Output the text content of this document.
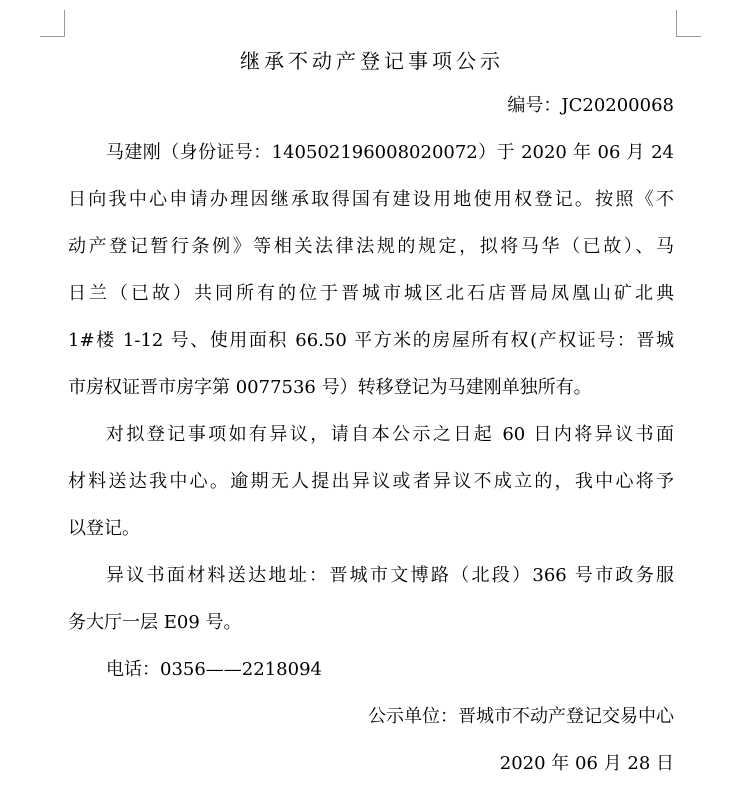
继承不动产登记事项公示
编号：JC20200068
马建刚（身份证号：140502196008020072）于 2020 年 06 月 24
日向我中心申请办理因继承取得国有建设用地使用权登记。按照《不
动产登记暂行条例》等相关法律法规的规定，拟将马华（已故）、马
日兰（已故）共同所有的位于晋城市城区北石店晋局凤凰山矿北典
1#楼 1-12 号、使用面积 66.50 平方米的房屋所有权(产权证号：晋城
市房权证晋市房字第 0077536 号）转移登记为马建刚单独所有。
对拟登记事项如有异议，请自本公示之日起 60 日内将异议书面
材料送达我中心。逾期无人提出异议或者异议不成立的，我中心将予
以登记。
异议书面材料送达地址：晋城市文博路（北段）366 号市政务服
务大厅一层 E09 号。
电话：0356——2218094
公示单位：晋城市不动产登记交易中心
2020 年 06 月 28 日
